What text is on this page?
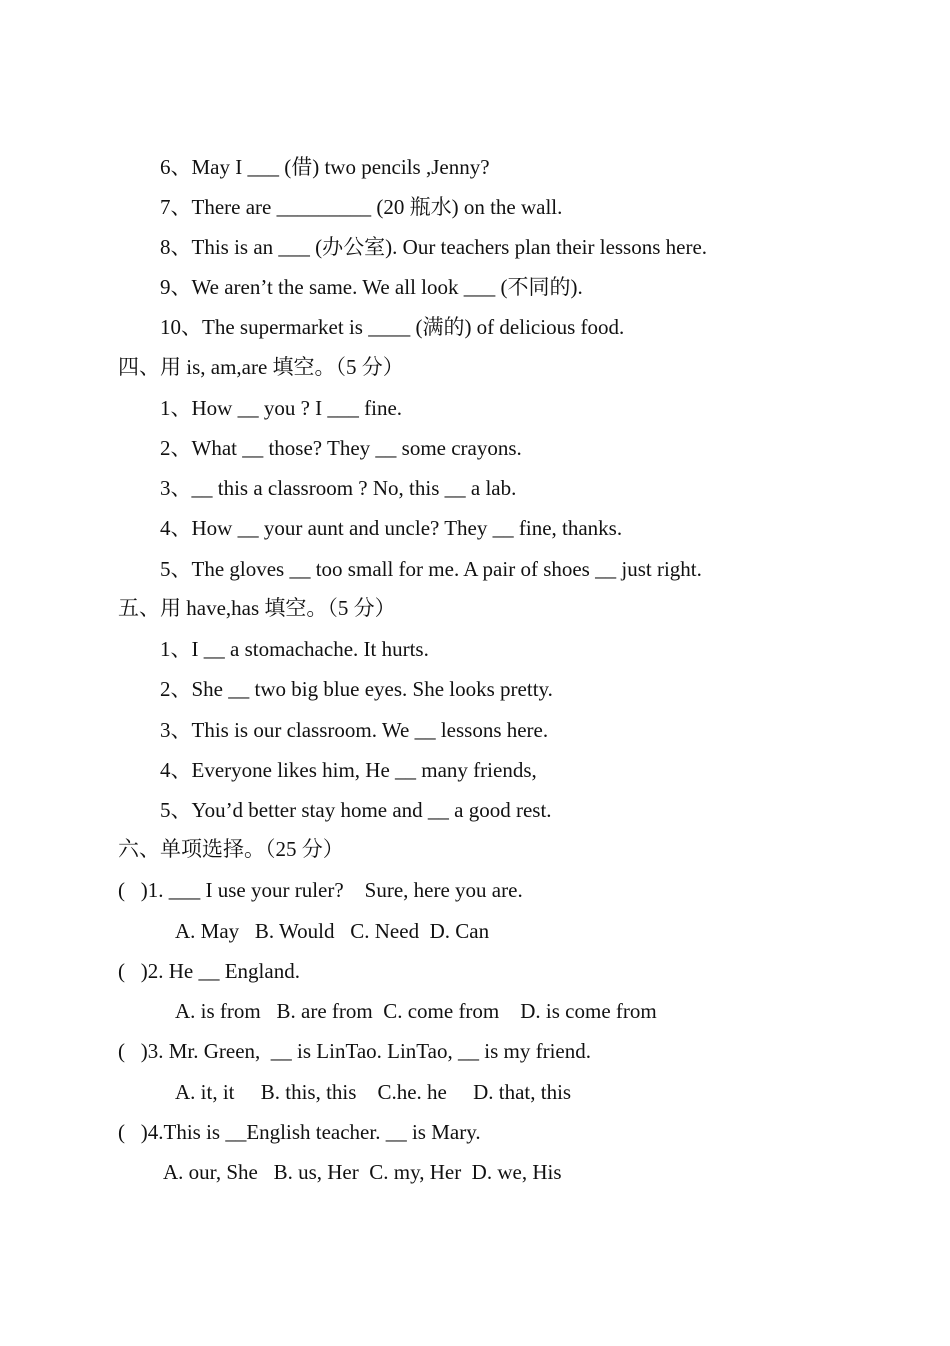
6、May I ___ (借) two pencils ,Jenny?
7、There are _________ (20 瓶水) on the wall.
8、This is an ___ (办公室). Our teachers plan their lessons here.
9、We aren’t the same. We all look ___ (不同的).
10、The supermarket is ____ (满的) of delicious food.
四、用 is, am,are 填空。（5 分）
1、How __ you ? I ___ fine.
2、What __ those? They __ some crayons.
3、__ this a classroom ? No, this __ a lab.
4、How __ your aunt and uncle? They __ fine, thanks.
5、The gloves __ too small for me. A pair of shoes __ just right.
五、用 have,has 填空。（5 分）
1、I __ a stomachache. It hurts.
2、She __ two big blue eyes. She looks pretty.
3、This is our classroom. We __ lessons here.
4、Everyone likes him, He __ many friends,
5、You’d better stay home and __ a good rest.
六、单项选择。（25 分）
(   )1. ___ I use your ruler?    Sure, here you are.
A. May   B. Would   C. Need  D. Can
(   )2. He __ England.
A. is from   B. are from  C. come from    D. is come from
(   )3. Mr. Green,  __ is LinTao. LinTao, __ is my friend.
A. it, it     B. this, this    C.he. he     D. that, this
(   )4.This is __English teacher. __ is Mary.
A. our, She   B. us, Her  C. my, Her  D. we, His
